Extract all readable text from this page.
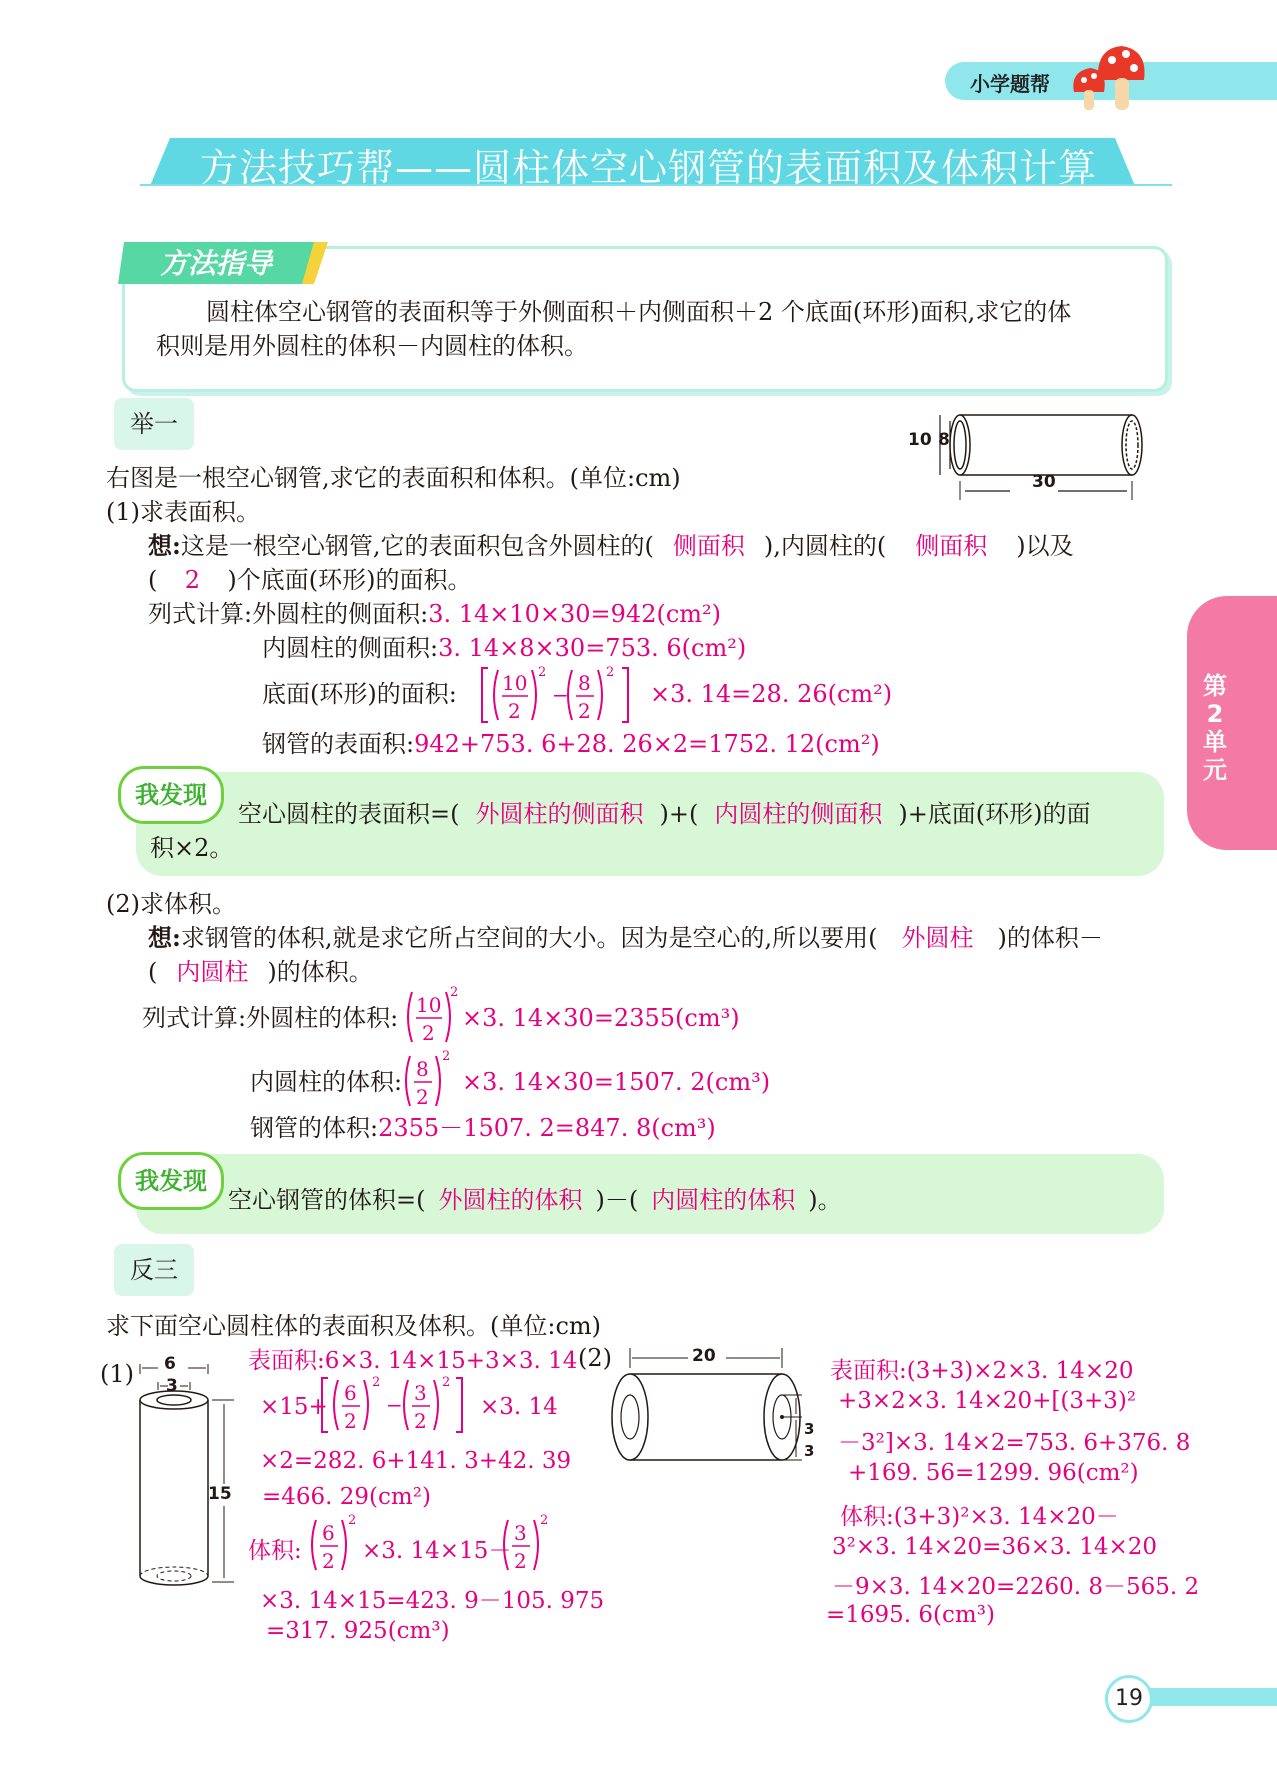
小学题帮
方法技巧帮——圆柱体空心钢管的表面积及体积计算
方法指导
圆柱体空心钢管的表面积等于外侧面积＋内侧面积＋2 个底面(环形)面积,求它的体
积则是用外圆柱的体积－内圆柱的体积。
举一
10 8
30
右图是一根空心钢管,求它的表面积和体积。(单位:cm)
(1)求表面积。
想:这是一根空心钢管,它的表面积包含外圆柱的( 侧面积 ),内圆柱的( 侧面积 )以及
( 2 )个底面(环形)的面积。
列式计算:外圆柱的侧面积:3. 14×10×30=942(cm²)
内圆柱的侧面积:3. 14×8×30=753. 6(cm²)
底面(环形)的面积: 10
2
2
− 8
2
2
×3. 14=28. 26(cm²)
钢管的表面积:942+753. 6+28. 26×2=1752. 12(cm²)
我发现
空心圆柱的表面积=( 外圆柱的侧面积 )+( 内圆柱的侧面积 )+底面(环形)的面
积×2。
(2)求体积。
想:求钢管的体积,就是求它所占空间的大小。因为是空心的,所以要用( 外圆柱 )的体积－
( 内圆柱 )的体积。
列式计算:外圆柱的体积: 10
2
2
×3. 14×30=2355(cm³)
内圆柱的体积: 8
2
2
×3. 14×30=1507. 2(cm³)
钢管的体积:2355－1507. 2=847. 8(cm³)
我发现
空心钢管的体积=( 外圆柱的体积 )－( 内圆柱的体积 )。
反三
求下面空心圆柱体的表面积及体积。(单位:cm)
(1) 6
3
15
表面积:6×3. 14×15+3×3. 14
×15+
6
2
2
− 3
2
2
×3. 14
×2=282. 6+141. 3+42. 39
=466. 29(cm²)
体积:
6
2
2
×3. 14×15－
3
2
2
×3. 14×15=423. 9－105. 975
=317. 925(cm³)
(2)	20
3
3
表面积:(3+3)×2×3. 14×20
+3×2×3. 14×20+[(3+3)²
－3²]×3. 14×2=753. 6+376. 8
+169. 56=1299. 96(cm²)
体积:(3+3)²×3. 14×20－
3²×3. 14×20=36×3. 14×20
－9×3. 14×20=2260. 8－565. 2
=1695. 6(cm³)
第2单元
19
